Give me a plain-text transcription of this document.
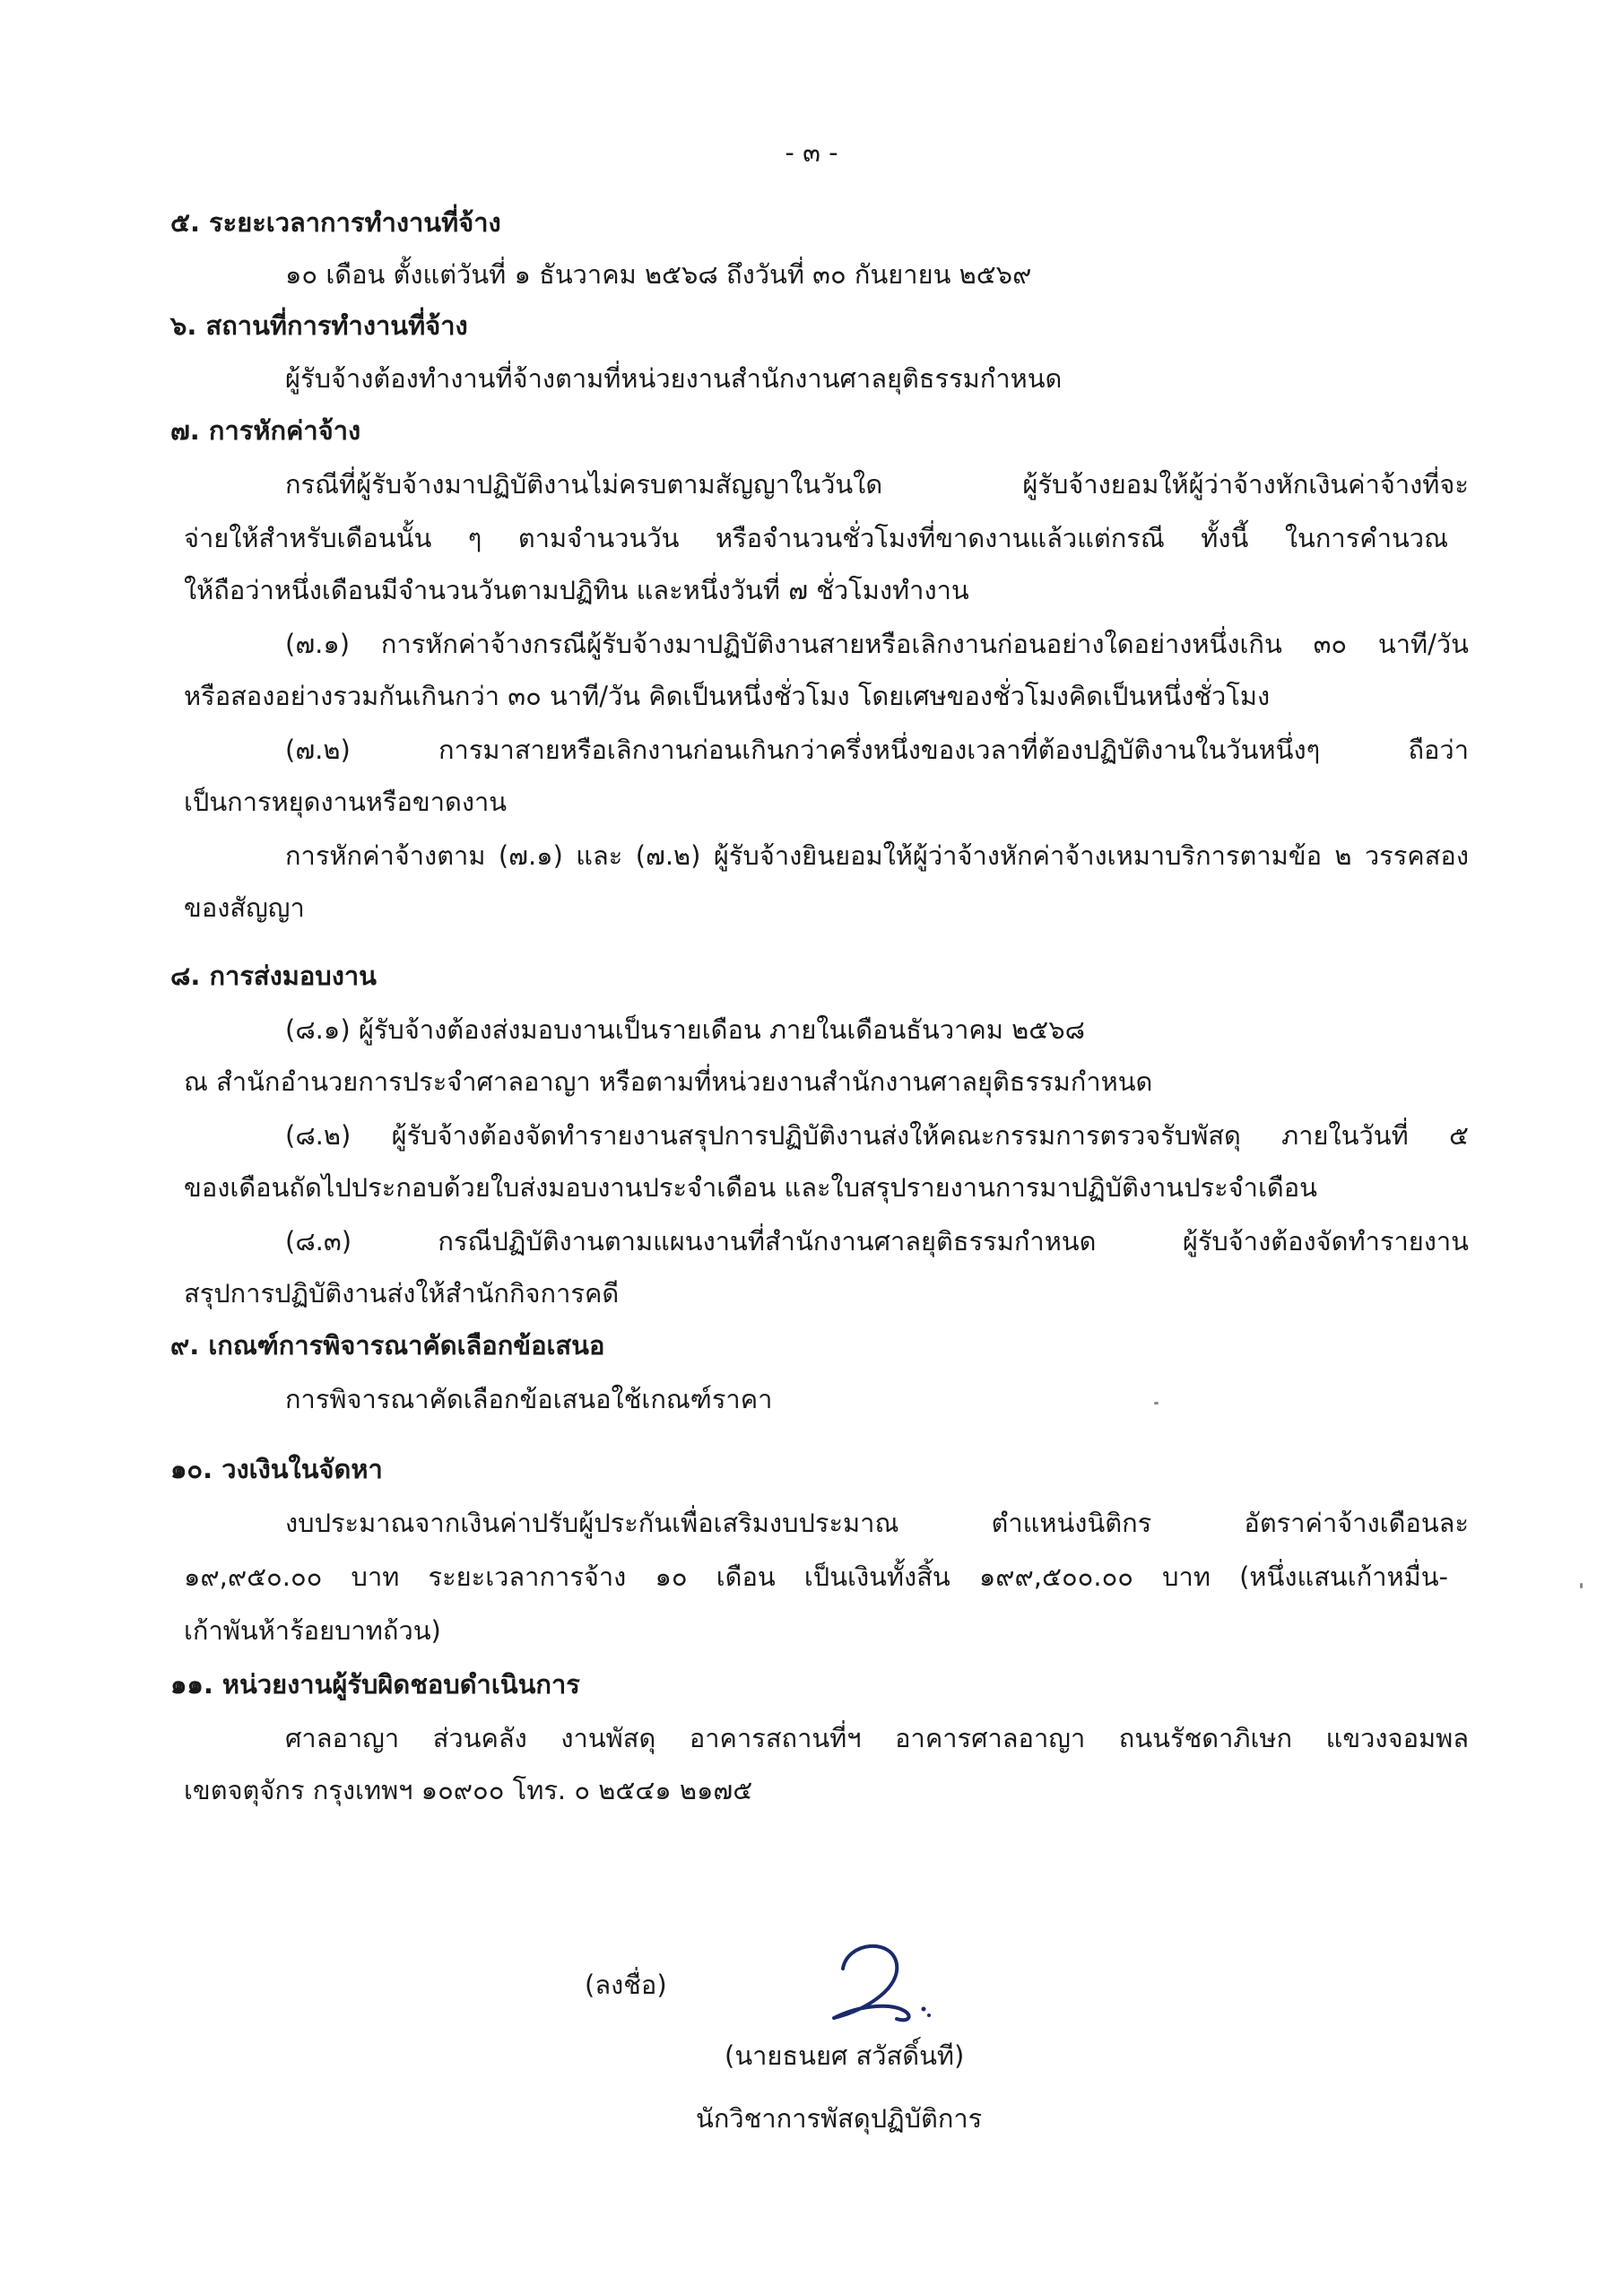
- ๓ -
๕. ระยะเวลาการทำงานที่จ้าง
๑๐ เดือน ตั้งแต่วันที่ ๑ ธันวาคม ๒๕๖๘ ถึงวันที่ ๓๐ กันยายน ๒๕๖๙
๖. สถานที่การทำงานที่จ้าง
ผู้รับจ้างต้องทำงานที่จ้างตามที่หน่วยงานสำนักงานศาลยุติธรรมกำหนด
๗. การหักค่าจ้าง
กรณีที่ผู้รับจ้างมาปฏิบัติงานไม่ครบตามสัญญาในวันใด ผู้รับจ้างยอมให้ผู้ว่าจ้างหักเงินค่าจ้างที่จะ
จ่ายให้สำหรับเดือนนั้น ๆ ตามจำนวนวัน หรือจำนวนชั่วโมงที่ขาดงานแล้วแต่กรณี ทั้งนี้ ในการคำนวณ
ให้ถือว่าหนึ่งเดือนมีจำนวนวันตามปฏิทิน และหนึ่งวันที่ ๗ ชั่วโมงทำงาน
(๗.๑) การหักค่าจ้างกรณีผู้รับจ้างมาปฏิบัติงานสายหรือเลิกงานก่อนอย่างใดอย่างหนึ่งเกิน ๓๐ นาที/วัน
หรือสองอย่างรวมกันเกินกว่า ๓๐ นาที/วัน คิดเป็นหนึ่งชั่วโมง โดยเศษของชั่วโมงคิดเป็นหนึ่งชั่วโมง
(๗.๒) การมาสายหรือเลิกงานก่อนเกินกว่าครึ่งหนึ่งของเวลาที่ต้องปฏิบัติงานในวันหนึ่งๆ ถือว่า
เป็นการหยุดงานหรือขาดงาน
การหักค่าจ้างตาม (๗.๑) และ (๗.๒) ผู้รับจ้างยินยอมให้ผู้ว่าจ้างหักค่าจ้างเหมาบริการตามข้อ ๒ วรรคสอง
ของสัญญา
๘. การส่งมอบงาน
(๘.๑) ผู้รับจ้างต้องส่งมอบงานเป็นรายเดือน ภายในเดือนธันวาคม ๒๕๖๘
ณ สำนักอำนวยการประจำศาลอาญา หรือตามที่หน่วยงานสำนักงานศาลยุติธรรมกำหนด
(๘.๒) ผู้รับจ้างต้องจัดทำรายงานสรุปการปฏิบัติงานส่งให้คณะกรรมการตรวจรับพัสดุ ภายในวันที่ ๕
ของเดือนถัดไปประกอบด้วยใบส่งมอบงานประจำเดือน และใบสรุปรายงานการมาปฏิบัติงานประจำเดือน
(๘.๓) กรณีปฏิบัติงานตามแผนงานที่สำนักงานศาลยุติธรรมกำหนด ผู้รับจ้างต้องจัดทำรายงาน
สรุปการปฏิบัติงานส่งให้สำนักกิจการคดี
๙. เกณฑ์การพิจารณาคัดเลือกข้อเสนอ
การพิจารณาคัดเลือกข้อเสนอใช้เกณฑ์ราคา
๑๐. วงเงินในจัดหา
งบประมาณจากเงินค่าปรับผู้ประกันเพื่อเสริมงบประมาณ ตำแหน่งนิติกร อัตราค่าจ้างเดือนละ
๑๙,๙๕๐.๐๐ บาท ระยะเวลาการจ้าง ๑๐ เดือน เป็นเงินทั้งสิ้น ๑๙๙,๕๐๐.๐๐ บาท (หนึ่งแสนเก้าหมื่น-
เก้าพันห้าร้อยบาทถ้วน)
๑๑. หน่วยงานผู้รับผิดชอบดำเนินการ
ศาลอาญา ส่วนคลัง งานพัสดุ อาคารสถานที่ฯ อาคารศาลอาญา ถนนรัชดาภิเษก แขวงจอมพล
เขตจตุจักร กรุงเทพฯ ๑๐๙๐๐ โทร. ๐ ๒๕๔๑ ๒๑๗๕
(ลงชื่อ)
(นายธนยศ สวัสดิ์นที)
นักวิชาการพัสดุปฏิบัติการ
